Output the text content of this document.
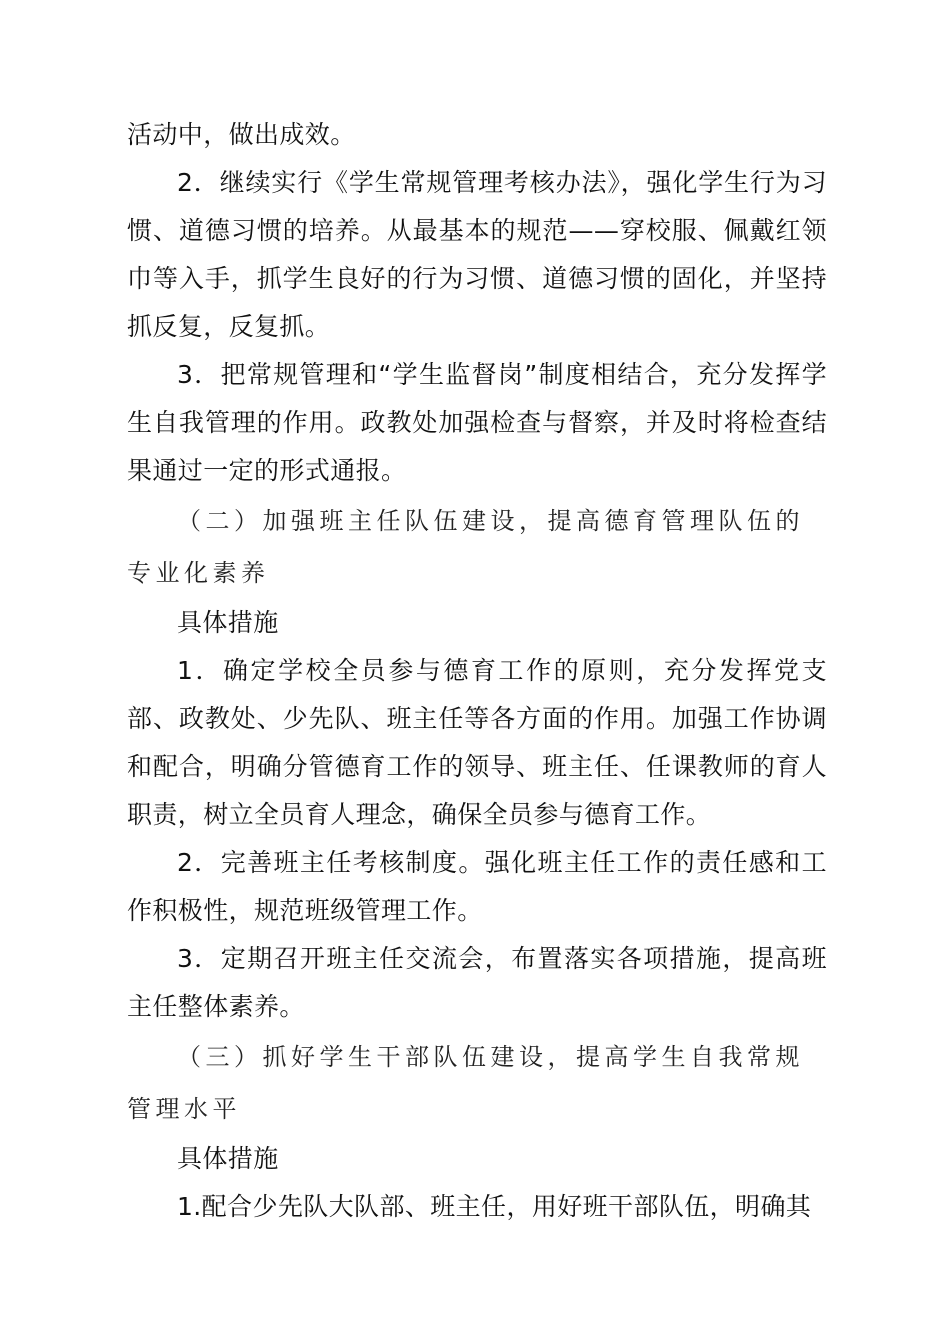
活动中，做出成效。

2．继续实行《学生常规管理考核办法》，强化学生行为习惯、道德习惯的培养。从最基本的规范——穿校服、佩戴红领巾等入手，抓学生良好的行为习惯、道德习惯的固化，并坚持抓反复，反复抓。

3．把常规管理和“学生监督岗”制度相结合，充分发挥学生自我管理的作用。政教处加强检查与督察，并及时将检查结果通过一定的形式通报。

（二）加强班主任队伍建设，提高德育管理队伍的专业化素养

具体措施

1．确定学校全员参与德育工作的原则，充分发挥党支部、政教处、少先队、班主任等各方面的作用。加强工作协调和配合，明确分管德育工作的领导、班主任、任课教师的育人职责，树立全员育人理念，确保全员参与德育工作。

2．完善班主任考核制度。强化班主任工作的责任感和工作积极性，规范班级管理工作。

3．定期召开班主任交流会，布置落实各项措施，提高班主任整体素养。

（三）抓好学生干部队伍建设，提高学生自我常规管理水平

具体措施

1.配合少先队大队部、班主任，用好班干部队伍，明确其
